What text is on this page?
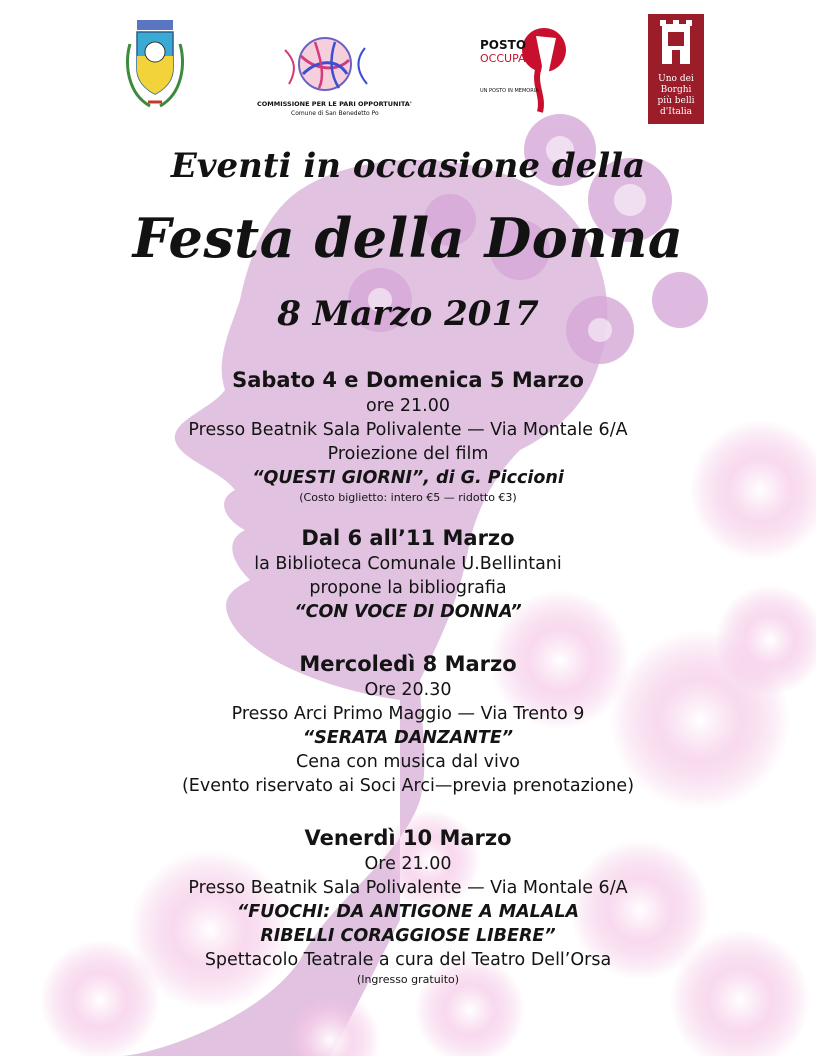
COMMISSIONE PER LE PARI OPPORTUNITA'
Comune di San Benedetto Po
POSTO
OCCUPATO
UN POSTO IN MEMORIA
Uno dei
Borghi
più belli
d'Italia
Eventi in occasione della
Festa della Donna
8 Marzo 2017
Sabato 4 e Domenica 5 Marzo
ore 21.00
Presso Beatnik Sala Polivalente — Via Montale 6/A
Proiezione del film
“QUESTI GIORNI”, di G. Piccioni
(Costo biglietto: intero €5 — ridotto €3)
Dal 6 all’11 Marzo
la Biblioteca Comunale U.Bellintani
propone la bibliografia
“CON VOCE DI DONNA”
Mercoledì 8 Marzo
Ore 20.30
Presso Arci Primo Maggio — Via Trento 9
“SERATA DANZANTE”
Cena con musica dal vivo
(Evento riservato ai Soci Arci—previa prenotazione)
Venerdì 10 Marzo
Ore 21.00
Presso Beatnik Sala Polivalente — Via Montale 6/A
“FUOCHI: DA ANTIGONE A MALALA
RIBELLI CORAGGIOSE LIBERE”
Spettacolo Teatrale a cura del Teatro Dell’Orsa
(Ingresso gratuito)
